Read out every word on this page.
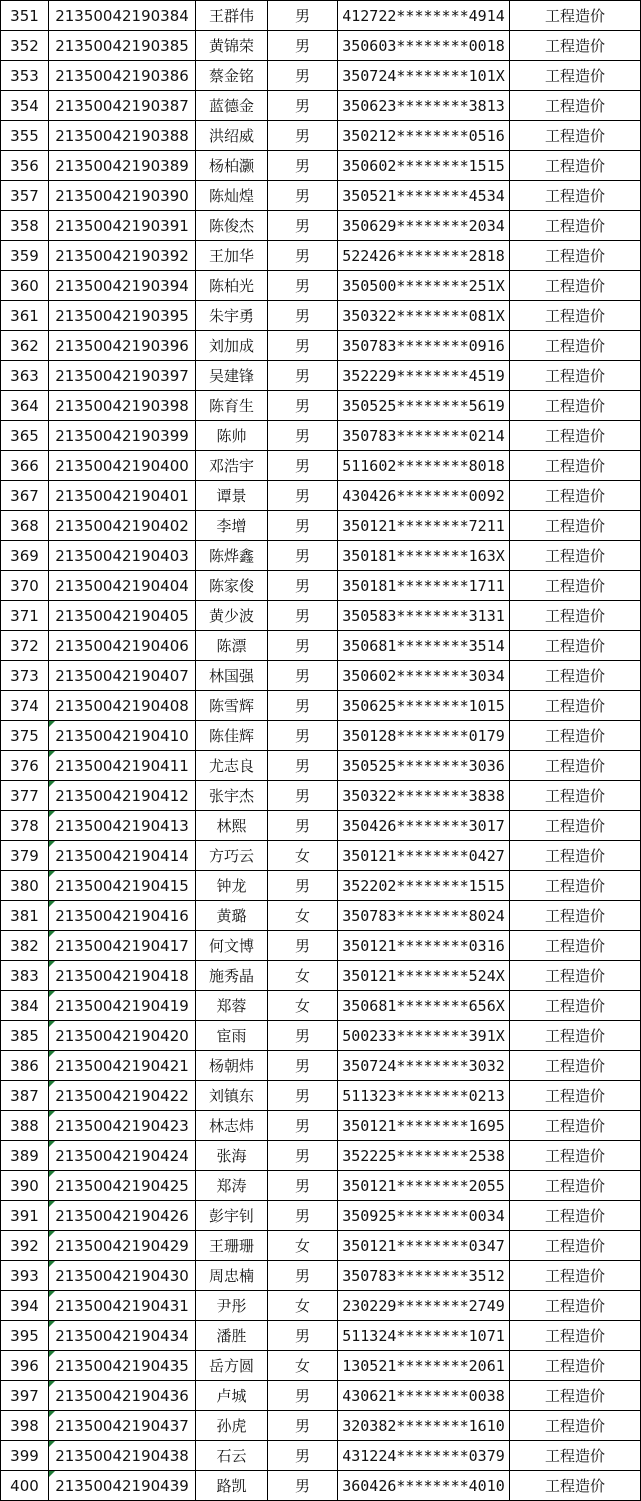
351	21350042190384	王群伟	男	412722********4914	工程造价
352	21350042190385	黄锦荣	男	350603********0018	工程造价
353	21350042190386	蔡金铭	男	350724********101X	工程造价
354	21350042190387	蓝德金	男	350623********3813	工程造价
355	21350042190388	洪绍威	男	350212********0516	工程造价
356	21350042190389	杨柏灏	男	350602********1515	工程造价
357	21350042190390	陈灿煌	男	350521********4534	工程造价
358	21350042190391	陈俊杰	男	350629********2034	工程造价
359	21350042190392	王加华	男	522426********2818	工程造价
360	21350042190394	陈柏光	男	350500********251X	工程造价
361	21350042190395	朱宇勇	男	350322********081X	工程造价
362	21350042190396	刘加成	男	350783********0916	工程造价
363	21350042190397	吴建锋	男	352229********4519	工程造价
364	21350042190398	陈育生	男	350525********5619	工程造价
365	21350042190399	陈帅	男	350783********0214	工程造价
366	21350042190400	邓浩宇	男	511602********8018	工程造价
367	21350042190401	谭景	男	430426********0092	工程造价
368	21350042190402	李增	男	350121********7211	工程造价
369	21350042190403	陈烨鑫	男	350181********163X	工程造价
370	21350042190404	陈家俊	男	350181********1711	工程造价
371	21350042190405	黄少波	男	350583********3131	工程造价
372	21350042190406	陈漂	男	350681********3514	工程造价
373	21350042190407	林国强	男	350602********3034	工程造价
374	21350042190408	陈雪辉	男	350625********1015	工程造价
375	21350042190410	陈佳辉	男	350128********0179	工程造价
376	21350042190411	尤志良	男	350525********3036	工程造价
377	21350042190412	张宇杰	男	350322********3838	工程造价
378	21350042190413	林熙	男	350426********3017	工程造价
379	21350042190414	方巧云	女	350121********0427	工程造价
380	21350042190415	钟龙	男	352202********1515	工程造价
381	21350042190416	黄璐	女	350783********8024	工程造价
382	21350042190417	何文博	男	350121********0316	工程造价
383	21350042190418	施秀晶	女	350121********524X	工程造价
384	21350042190419	郑蓉	女	350681********656X	工程造价
385	21350042190420	宦雨	男	500233********391X	工程造价
386	21350042190421	杨朝炜	男	350724********3032	工程造价
387	21350042190422	刘镇东	男	511323********0213	工程造价
388	21350042190423	林志炜	男	350121********1695	工程造价
389	21350042190424	张海	男	352225********2538	工程造价
390	21350042190425	郑涛	男	350121********2055	工程造价
391	21350042190426	彭宇钊	男	350925********0034	工程造价
392	21350042190429	王珊珊	女	350121********0347	工程造价
393	21350042190430	周忠楠	男	350783********3512	工程造价
394	21350042190431	尹彤	女	230229********2749	工程造价
395	21350042190434	潘胜	男	511324********1071	工程造价
396	21350042190435	岳方圆	女	130521********2061	工程造价
397	21350042190436	卢城	男	430621********0038	工程造价
398	21350042190437	孙虎	男	320382********1610	工程造价
399	21350042190438	石云	男	431224********0379	工程造价
400	21350042190439	路凯	男	360426********4010	工程造价
